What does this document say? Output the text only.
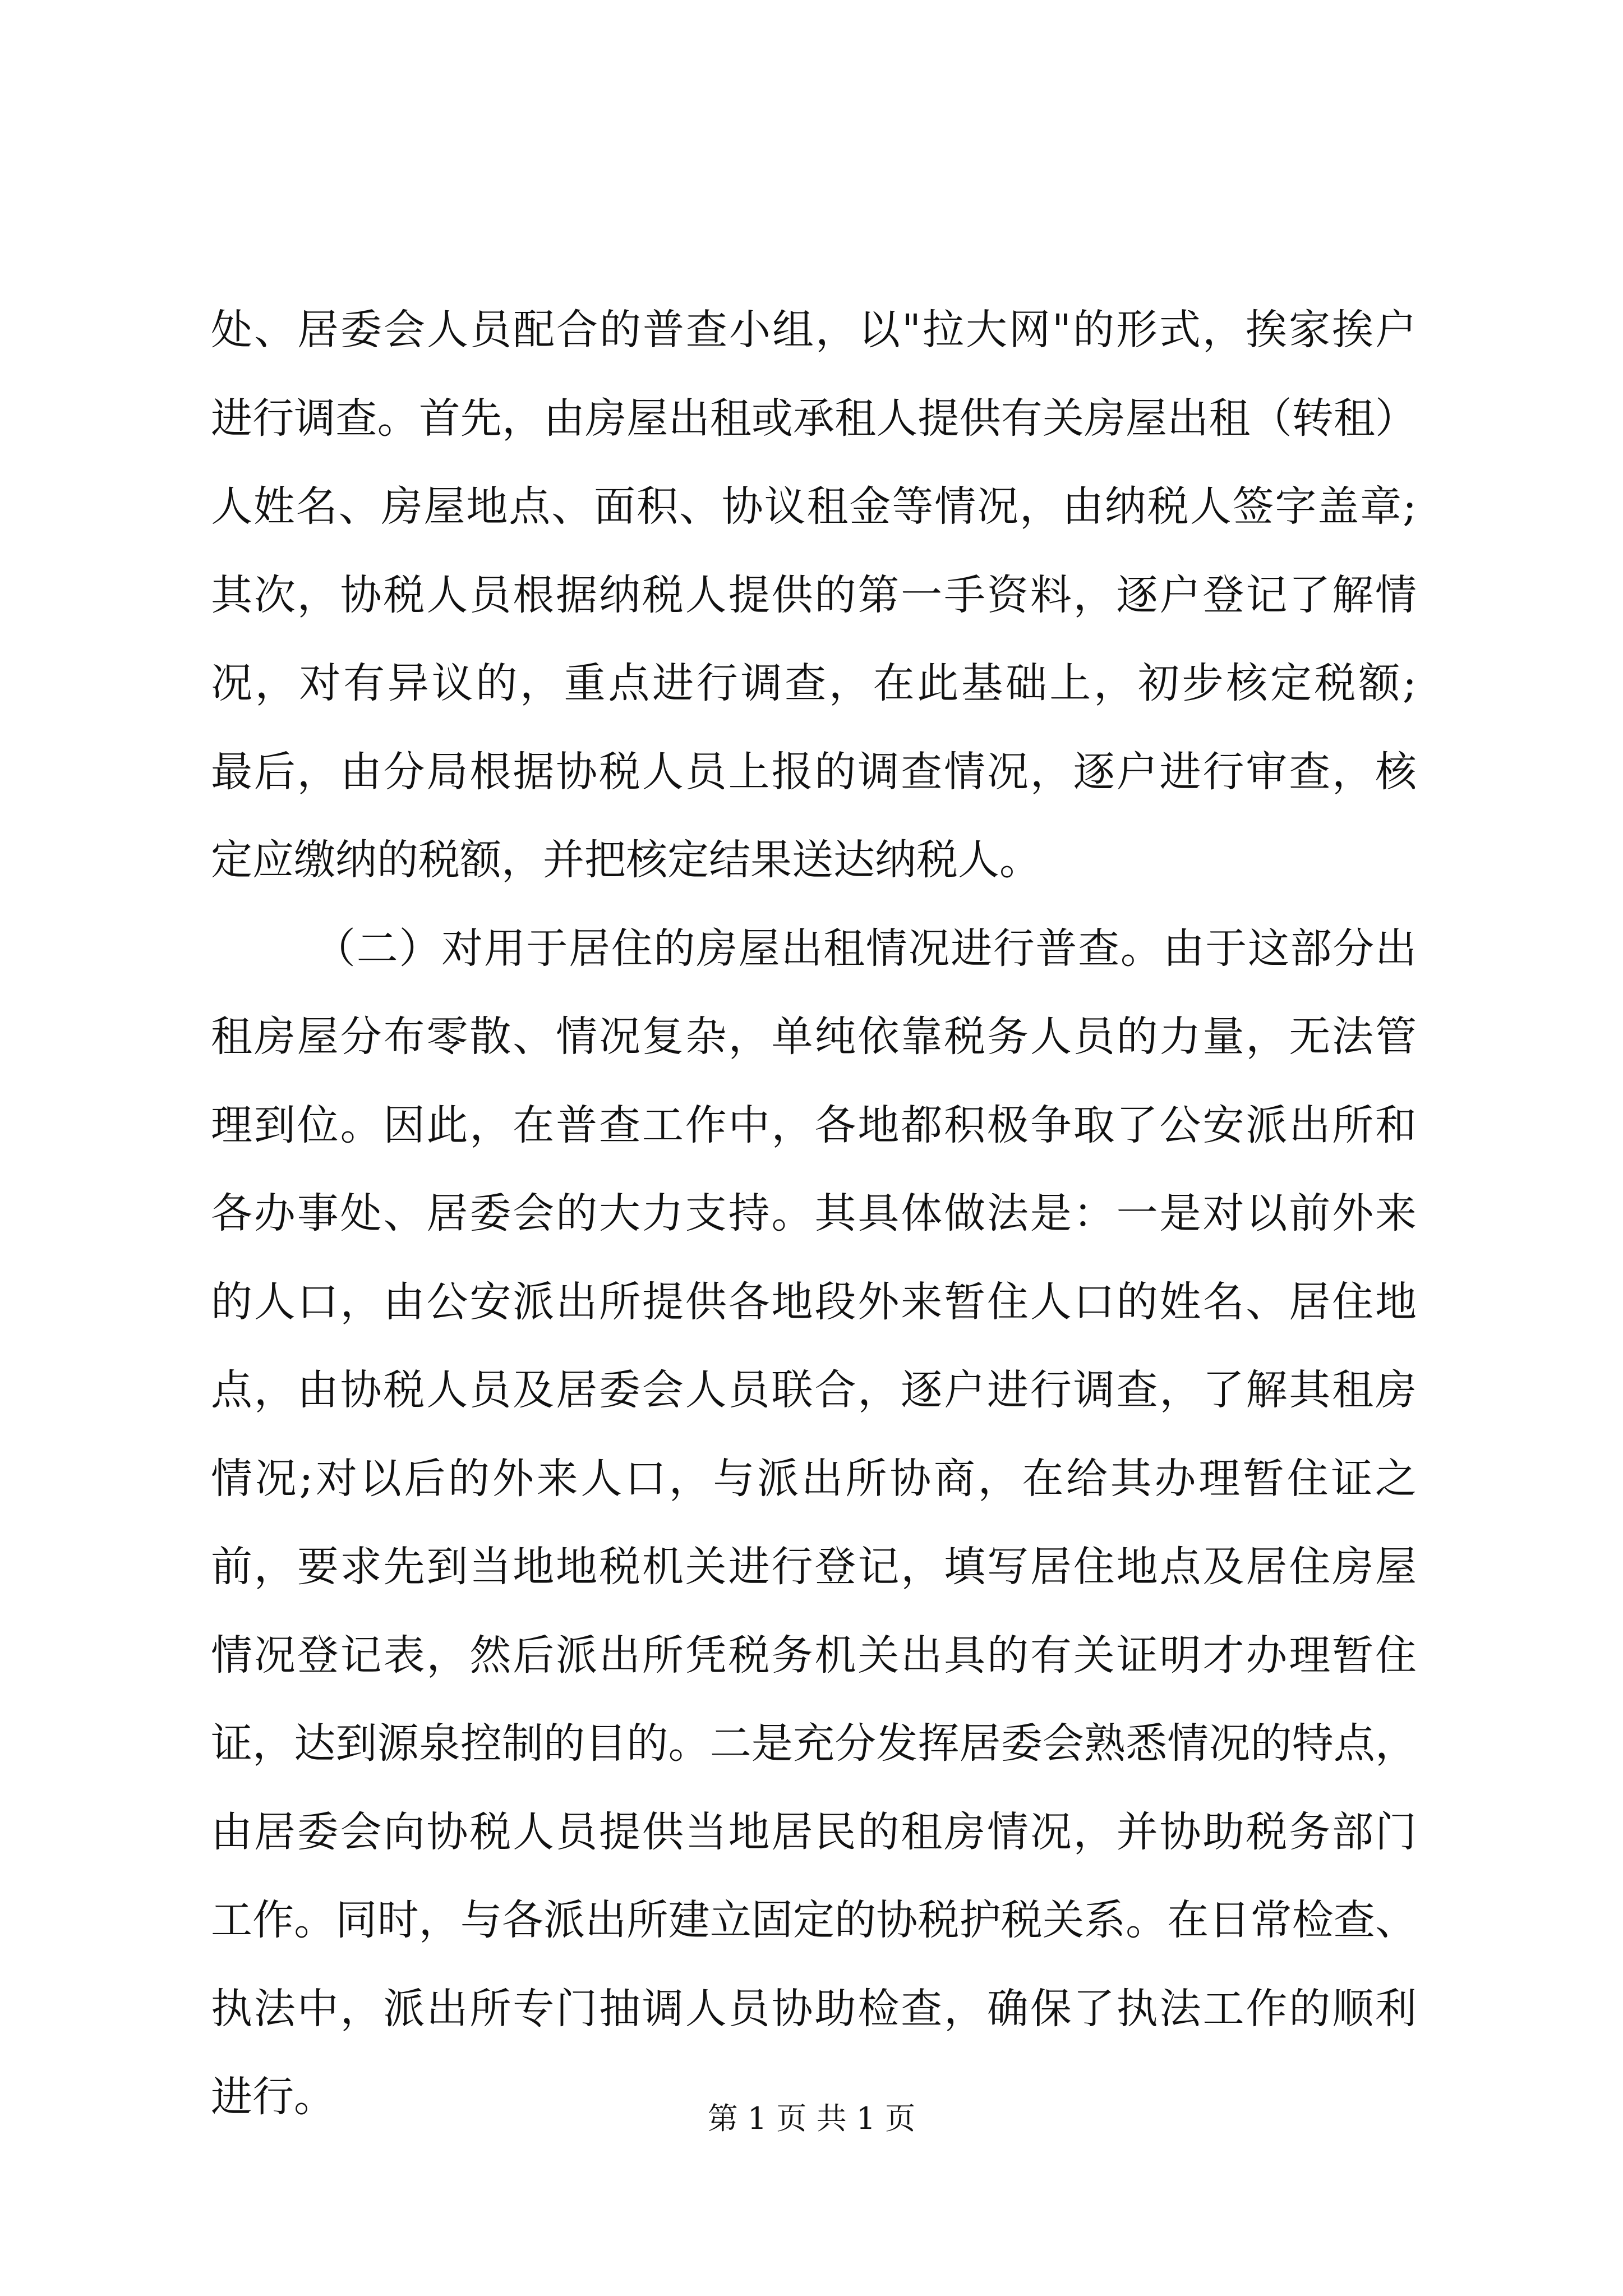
处、居委会人员配合的普查小组，以"拉大网"的形式，挨家挨户
进行调查。首先，由房屋出租或承租人提供有关房屋出租（转租）
人姓名、房屋地点、面积、协议租金等情况，由纳税人签字盖章;
其次，协税人员根据纳税人提供的第一手资料，逐户登记了解情
况，对有异议的，重点进行调查，在此基础上，初步核定税额;
最后，由分局根据协税人员上报的调查情况，逐户进行审查，核
定应缴纳的税额，并把核定结果送达纳税人。
（二）对用于居住的房屋出租情况进行普查。由于这部分出
租房屋分布零散、情况复杂，单纯依靠税务人员的力量，无法管
理到位。因此，在普查工作中，各地都积极争取了公安派出所和
各办事处、居委会的大力支持。其具体做法是：一是对以前外来
的人口，由公安派出所提供各地段外来暂住人口的姓名、居住地
点，由协税人员及居委会人员联合，逐户进行调查，了解其租房
情况;对以后的外来人口，与派出所协商，在给其办理暂住证之
前，要求先到当地地税机关进行登记，填写居住地点及居住房屋
情况登记表，然后派出所凭税务机关出具的有关证明才办理暂住
证，达到源泉控制的目的。二是充分发挥居委会熟悉情况的特点，
由居委会向协税人员提供当地居民的租房情况，并协助税务部门
工作。同时，与各派出所建立固定的协税护税关系。在日常检查、
执法中，派出所专门抽调人员协助检查，确保了执法工作的顺利
进行。	第 1 页 共 1 页
